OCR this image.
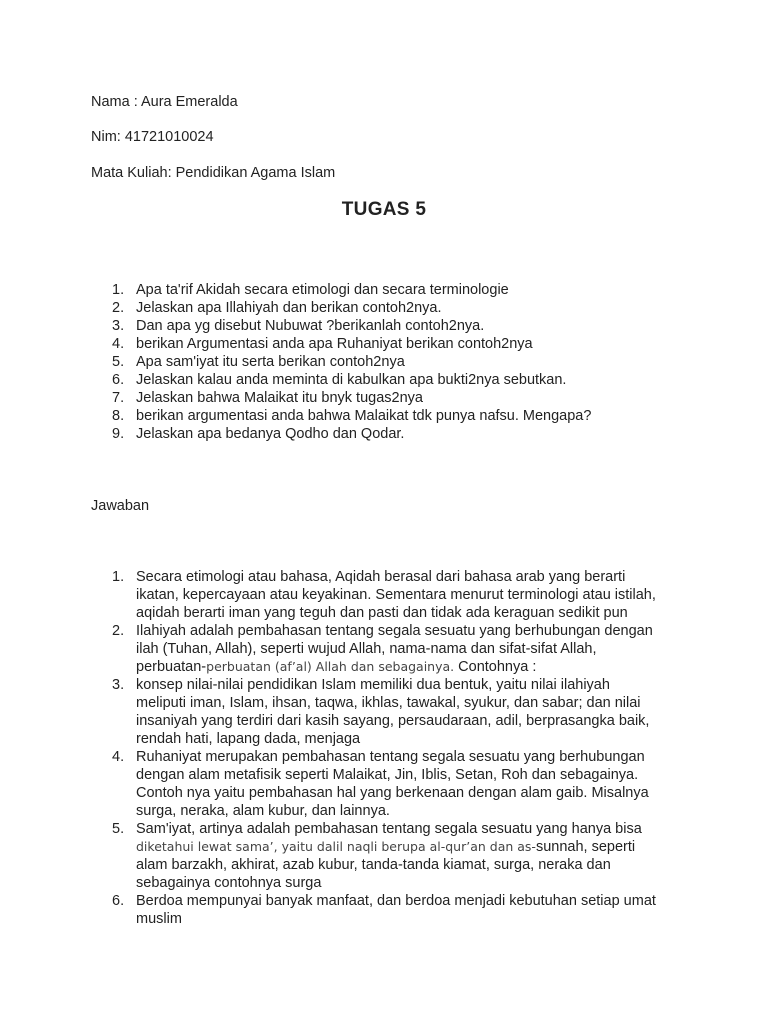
Nama : Aura Emeralda
Nim: 41721010024
Mata Kuliah: Pendidikan Agama Islam
TUGAS 5
1. Apa ta'rif Akidah secara etimologi dan secara terminologie
2. Jelaskan apa Illahiyah dan berikan contoh2nya.
3. Dan apa yg disebut Nubuwat ?berikanlah contoh2nya.
4. berikan Argumentasi anda apa Ruhaniyat berikan contoh2nya
5. Apa sam'iyat itu serta berikan contoh2nya
6. Jelaskan kalau anda meminta di kabulkan apa bukti2nya sebutkan.
7. Jelaskan bahwa Malaikat itu bnyk tugas2nya
8. berikan argumentasi anda bahwa Malaikat tdk punya nafsu. Mengapa?
9. Jelaskan apa bedanya Qodho dan Qodar.
Jawaban
1. Secara etimologi atau bahasa, Aqidah berasal dari bahasa arab yang berarti
ikatan, kepercayaan atau keyakinan. Sementara menurut terminologi atau istilah,
aqidah berarti iman yang teguh dan pasti dan tidak ada keraguan sedikit pun
2. Ilahiyah adalah pembahasan tentang segala sesuatu yang berhubungan dengan
ilah (Tuhan, Allah), seperti wujud Allah, nama-nama dan sifat-sifat Allah,
perbuatan-perbuatan (af’al) Allah dan sebagainya. Contohnya :
3. konsep nilai-nilai pendidikan Islam memiliki dua bentuk, yaitu nilai ilahiyah
meliputi iman, Islam, ihsan, taqwa, ikhlas, tawakal, syukur, dan sabar; dan nilai
insaniyah yang terdiri dari kasih sayang, persaudaraan, adil, berprasangka baik,
rendah hati, lapang dada, menjaga
4. Ruhaniyat merupakan pembahasan tentang segala sesuatu yang berhubungan
dengan alam metafisik seperti Malaikat, Jin, Iblis, Setan, Roh dan sebagainya.
Contoh nya yaitu pembahasan hal yang berkenaan dengan alam gaib. Misalnya
surga, neraka, alam kubur, dan lainnya.
5. Sam'iyat, artinya adalah pembahasan tentang segala sesuatu yang hanya bisa
diketahui lewat sama’, yaitu dalil naqli berupa al-qur’an dan as-sunnah, seperti
alam barzakh, akhirat, azab kubur, tanda-tanda kiamat, surga, neraka dan
sebagainya contohnya surga
6. Berdoa mempunyai banyak manfaat, dan berdoa menjadi kebutuhan setiap umat
muslim
